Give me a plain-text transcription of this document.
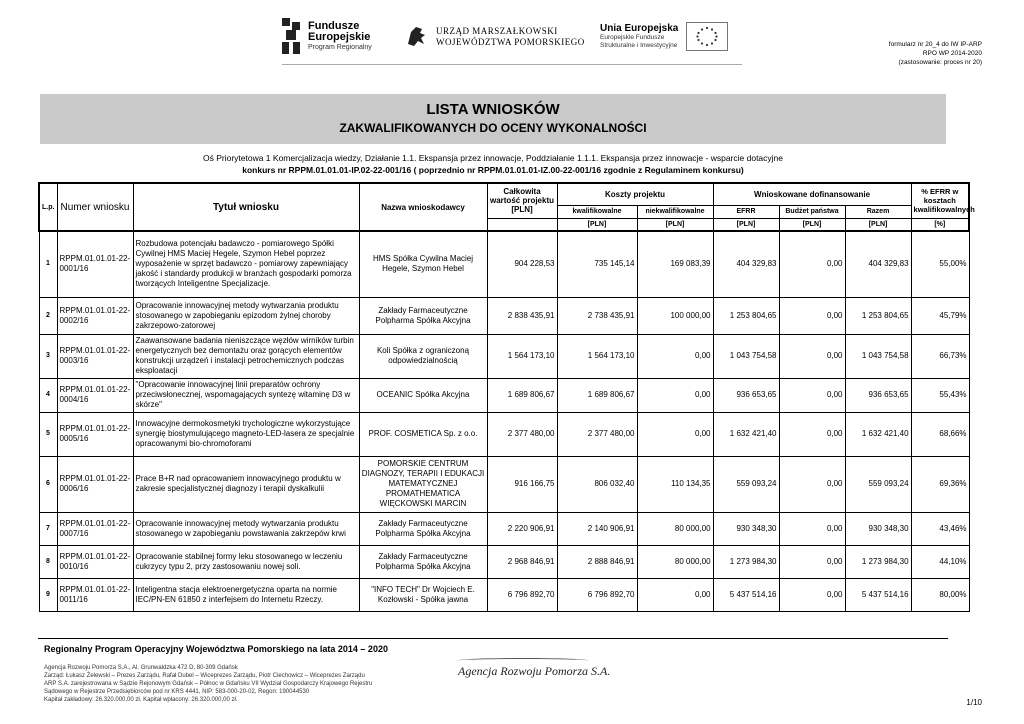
Fundusze
Europejskie
Program Regionalny
URZĄD MARSZAŁKOWSKI
WOJEWÓDZTWA POMORSKIEGO
Unia Europejska
Europejskie Fundusze
Strukturalne i Inwestycyjne	formularz nr 20_4 do IW IP-ARP
RPO WP 2014-2020
(zastosowanie: proces nr 20)
LISTA WNIOSKÓW
ZAKWALIFIKOWANYCH DO OCENY WYKONALNOŚCI
Oś Priorytetowa 1 Komercjalizacja wiedzy, Działanie 1.1. Ekspansja przez innowacje, Poddziałanie 1.1.1. Ekspansja przez innowacje - wsparcie dotacyjne
konkurs nr RPPM.01.01.01-IP.02-22-001/16 ( poprzednio nr RPPM.01.01.01-IZ.00-22-001/16 zgodnie z Regulaminem konkursu)
L.p.	Numer wniosku	Tytuł wniosku	Nazwa wnioskodawcy	Całkowita wartość projektu [PLN]	Koszty projektu		Wnioskowane dofinansowanie			% EFRR w kosztach kwalifikowalnych
					kwalifikowalne	niekwalifikowalne	EFRR	Budżet państwa	Razem	
					[PLN]	[PLN]	[PLN]	[PLN]	[PLN]	[%]
1	RPPM.01.01.01-22-0001/16	Rozbudowa potencjału badawczo - pomiarowego Spółki Cywilnej HMS Maciej Hegele, Szymon Hebel poprzez wyposażenie w sprzęt badawczo - pomiarowy zapewniający jakość i standardy produkcji w branżach gospodarki pomorza tworzących Inteligentne Specjalizacje.	HMS Spółka Cywilna Maciej Hegele, Szymon Hebel	904 228,53	735 145,14	169 083,39	404 329,83	0,00	404 329,83	55,00%
2	RPPM.01.01.01-22-0002/16	Opracowanie innowacyjnej metody wytwarzania produktu stosowanego w zapobieganiu epizodom żylnej choroby zakrzepowo-zatorowej	Zakłady Farmaceutyczne Polpharma Spółka Akcyjna	2 838 435,91	2 738 435,91	100 000,00	1 253 804,65	0,00	1 253 804,65	45,79%
3	RPPM.01.01.01-22-0003/16	Zaawansowane badania nieniszczące węzłów wirników turbin energetycznych bez demontażu oraz gorących elementów konstrukcji urządzeń i instalacji petrochemicznych podczas eksploatacji	Koli Spółka z ograniczoną odpowiedzialnością	1 564 173,10	1 564 173,10	0,00	1 043 754,58	0,00	1 043 754,58	66,73%
4	RPPM.01.01.01-22-0004/16	"Opracowanie innowacyjnej linii preparatów ochrony przeciwsłonecznej, wspomagających syntezę witaminę D3 w skórze"	OCEANIC Spółka Akcyjna	1 689 806,67	1 689 806,67	0,00	936 653,65	0,00	936 653,65	55,43%
5	RPPM.01.01.01-22-0005/16	Innowacyjne dermokosmetyki trychologiczne wykorzystujące synergię biostymulującego magneto-LED-lasera ze specjalnie opracowanymi bio-chromoforami	PROF. COSMETICA Sp. z o.o.	2 377 480,00	2 377 480,00	0,00	1 632 421,40	0,00	1 632 421,40	68,66%
6	RPPM.01.01.01-22-0006/16	Prace B+R nad opracowaniem innowacyjnego produktu w zakresie specjalistycznej diagnozy i terapii dyskalkulii	POMORSKIE CENTRUM DIAGNOZY, TERAPII I EDUKACJI MATEMATYCZNEJ PROMATHEMATICA WIĘCKOWSKI MARCIN	916 166,75	806 032,40	110 134,35	559 093,24	0,00	559 093,24	69,36%
7	RPPM.01.01.01-22-0007/16	Opracowanie innowacyjnej metody wytwarzania produktu stosowanego w zapobieganiu powstawania zakrzepów krwi	Zakłady Farmaceutyczne Polpharma Spółka Akcyjna	2 220 906,91	2 140 906,91	80 000,00	930 348,30	0,00	930 348,30	43,46%
8	RPPM.01.01.01-22-0010/16	Opracowanie stabilnej formy leku stosowanego w leczeniu cukrzycy typu 2, przy zastosowaniu nowej soli.	Zakłady Farmaceutyczne Polpharma Spółka Akcyjna	2 968 846,91	2 888 846,91	80 000,00	1 273 984,30	0,00	1 273 984,30	44,10%
9	RPPM.01.01.01-22-0011/16	Inteligentna stacja elektroenergetyczna oparta na normie IEC/PN-EN 61850 z interfejsem do Internetu Rzeczy.	"INFO TECH" Dr Wojciech E. Kozłowski - Spółka jawna	6 796 892,70	6 796 892,70	0,00	5 437 514,16	0,00	5 437 514,16	80,00%
Regionalny Program Operacyjny Województwa Pomorskiego na lata 2014 – 2020
Agencja Rozwoju Pomorza S.A., Al. Grunwaldzka 472 D, 80-309 Gdańsk
Zarząd: Łukasz Żelewski – Prezes Zarządu, Rafał Dubel – Wiceprezes Zarządu, Piotr Ciechowicz – Wiceprezes Zarządu
ARP S.A. zarejestrowana w Sądzie Rejonowym Gdańsk – Północ w Gdańsku VII Wydział Gospodarczy Krajowego Rejestru
Sądowego w Rejestrze Przedsiębiorców pod nr KRS 4441, NIP: 583-000-20-02, Regon: 190044530
Kapitał zakładowy: 26.320.000,00 zł, Kapitał wpłacony: 26.320.000,00 zł.
Agencja Rozwoju Pomorza S.A.
1/10
